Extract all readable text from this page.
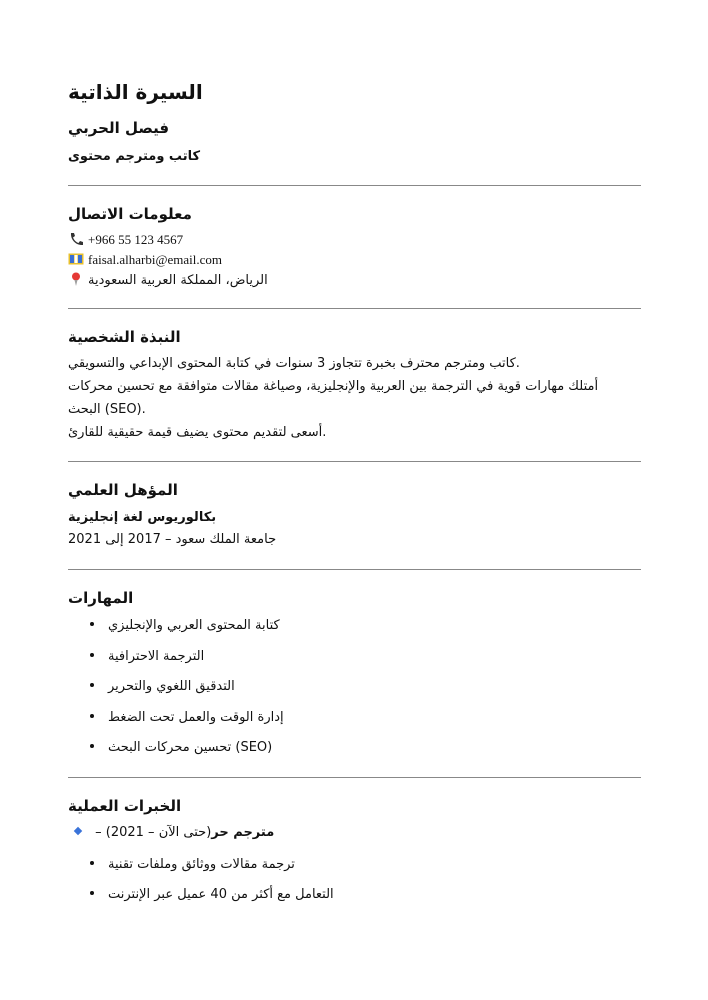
السيرة الذاتية
فيصل الحربي
كاتب ومترجم محتوى
معلومات الاتصال
+966 55 123 4567
faisal.alharbi@email.com
الرياض، المملكة العربية السعودية
النبذة الشخصية
كاتب ومترجم محترف بخبرة تتجاوز 3 سنوات في كتابة المحتوى الإبداعي والتسويقي.
أمتلك مهارات قوية في الترجمة بين العربية والإنجليزية، وصياغة مقالات متوافقة مع تحسين محركات
البحث (SEO).
أسعى لتقديم محتوى يضيف قيمة حقيقية للقارئ.
المؤهل العلمي
بكالوريوس لغة إنجليزية
جامعة الملك سعود – 2017 إلى 2021
المهارات
كتابة المحتوى العربي والإنجليزي
الترجمة الاحترافية
التدقيق اللغوي والتحرير
إدارة الوقت والعمل تحت الضغط
تحسين محركات البحث (SEO)
الخبرات العملية
– (2021 – حتى الآن)مترجم حر
ترجمة مقالات ووثائق وملفات تقنية
التعامل مع أكثر من 40 عميل عبر الإنترنت
